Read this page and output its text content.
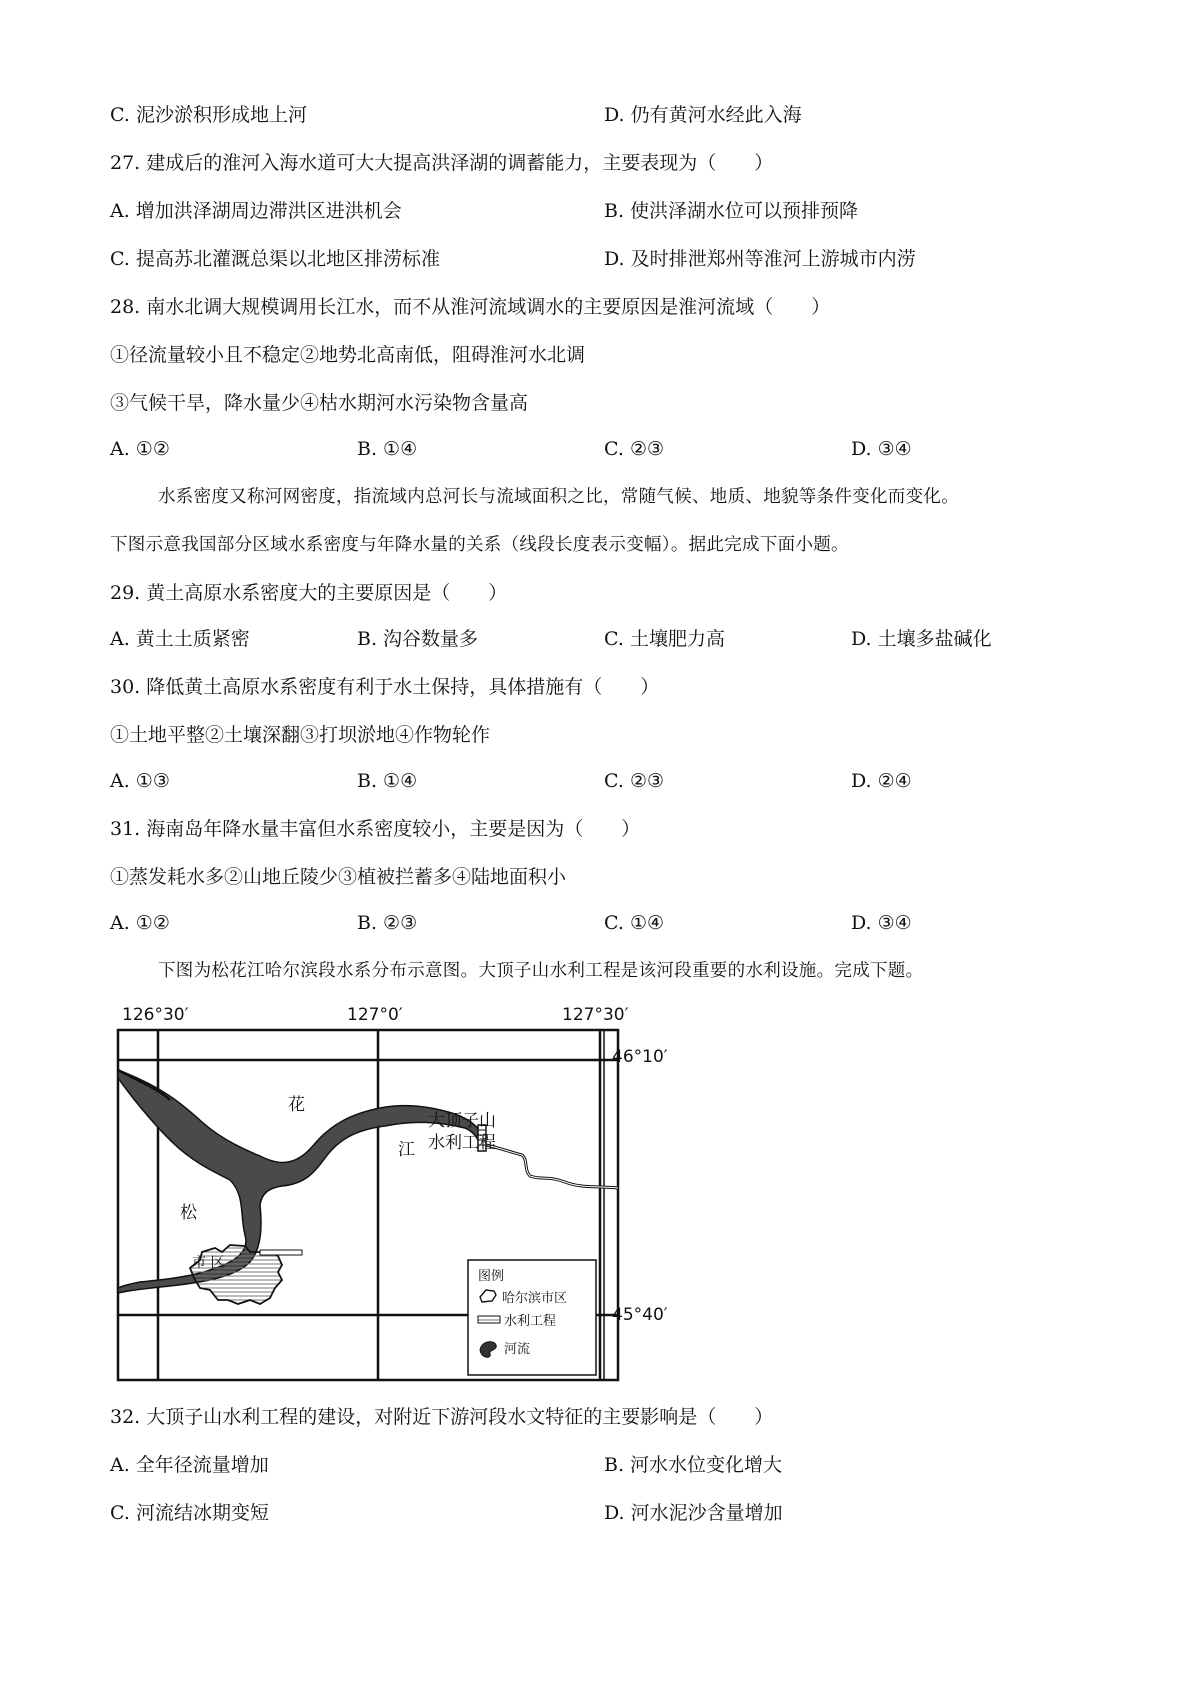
C. 泥沙淤积形成地上河	D. 仍有黄河水经此入海
27. 建成后的淮河入海水道可大大提高洪泽湖的调蓄能力，主要表现为（　　）
A. 增加洪泽湖周边滞洪区进洪机会	B. 使洪泽湖水位可以预排预降
C. 提高苏北灌溉总渠以北地区排涝标准	D. 及时排泄郑州等淮河上游城市内涝
28. 南水北调大规模调用长江水，而不从淮河流域调水的主要原因是淮河流域（　　）
①径流量较小且不稳定②地势北高南低，阻碍淮河水北调
③气候干旱，降水量少④枯水期河水污染物含量高
A. ①②	B. ①④	C. ②③	D. ③④
水系密度又称河网密度，指流域内总河长与流域面积之比，常随气候、地质、地貌等条件变化而变化。
下图示意我国部分区域水系密度与年降水量的关系（线段长度表示变幅）。据此完成下面小题。
29. 黄土高原水系密度大的主要原因是（　　）
A. 黄土土质紧密	B. 沟谷数量多	C. 土壤肥力高	D. 土壤多盐碱化
30. 降低黄土高原水系密度有利于水土保持，具体措施有（　　）
①土地平整②土壤深翻③打坝淤地④作物轮作
A. ①③	B. ①④	C. ②③	D. ②④
31. 海南岛年降水量丰富但水系密度较小，主要是因为（　　）
①蒸发耗水多②山地丘陵少③植被拦蓄多④陆地面积小
A. ①②	B. ②③	C. ①④	D. ③④
下图为松花江哈尔滨段水系分布示意图。大顶子山水利工程是该河段重要的水利设施。完成下题。
花
江
松
市 区
大顶子山
水利工程
126°30′	127°0′	127°30′
46°10′
45°40′
图例
哈尔滨市区
水利工程
河流
32. 大顶子山水利工程的建设，对附近下游河段水文特征的主要影响是（　　）
A. 全年径流量增加	B. 河水水位变化增大
C. 河流结冰期变短	D. 河水泥沙含量增加
